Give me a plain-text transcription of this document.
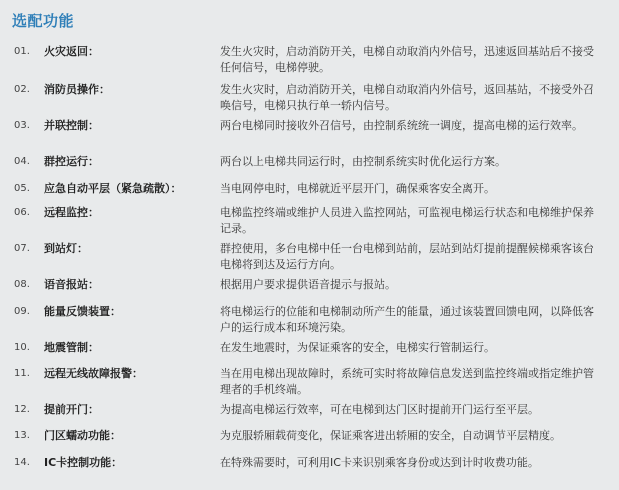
选配功能
01.	火灾返回：	发生火灾时，启动消防开关，电梯自动取消内外信号，迅速返回基站后不接受任何信号，电梯停驶。
02.	消防员操作：	发生火灾时，启动消防开关，电梯自动取消内外信号，返回基站，不接受外召唤信号，电梯只执行单一轿内信号。
03.	并联控制：	两台电梯同时接收外召信号，由控制系统统一调度，提高电梯的运行效率。
04.	群控运行：	两台以上电梯共同运行时，由控制系统实时优化运行方案。
05.	应急自动平层（紧急疏散）：	当电网停电时，电梯就近平层开门，确保乘客安全离开。
06.	远程监控：	电梯监控终端或维护人员进入监控网站，可监视电梯运行状态和电梯维护保养记录。
07.	到站灯：	群控使用，多台电梯中任一台电梯到站前，层站到站灯提前提醒候梯乘客该台电梯将到达及运行方向。
08.	语音报站：	根据用户要求提供语音提示与报站。
09.	能量反馈装置：	将电梯运行的位能和电梯制动所产生的能量，通过该装置回馈电网，以降低客户的运行成本和环境污染。
10.	地震管制：	在发生地震时，为保证乘客的安全，电梯实行管制运行。
11.	远程无线故障报警：	当在用电梯出现故障时，系统可实时将故障信息发送到监控终端或指定维护管理者的手机终端。
12.	提前开门：	为提高电梯运行效率，可在电梯到达门区时提前开门运行至平层。
13.	门区蠕动功能：	为克服轿厢载荷变化，保证乘客进出轿厢的安全，自动调节平层精度。
14.	IC卡控制功能：	在特殊需要时，可利用IC卡来识别乘客身份或达到计时收费功能。
